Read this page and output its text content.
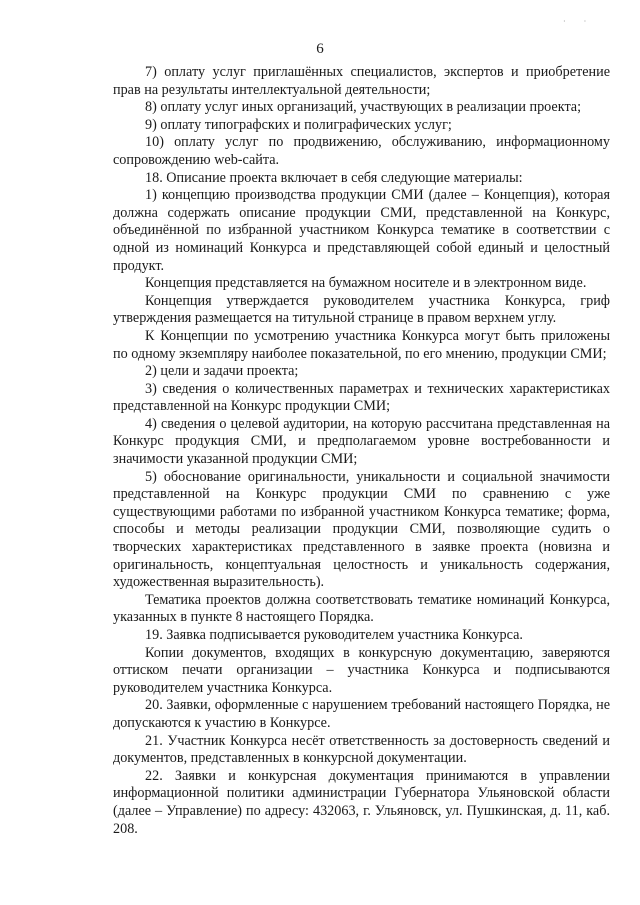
·         ·
6

7) оплату услуг приглашённых специалистов, экспертов и приобретение прав на результаты интеллектуальной деятельности;

8) оплату услуг иных организаций, участвующих в реализации проекта;

9) оплату типографских и полиграфических услуг;

10) оплату услуг по продвижению, обслуживанию, информационному сопровождению web-сайта.

18. Описание проекта включает в себя следующие материалы:

1) концепцию производства продукции СМИ (далее – Концепция), которая должна содержать описание продукции СМИ, представленной на Конкурс, объединённой по избранной участником Конкурса тематике в соответствии с одной из номинаций Конкурса и представляющей собой единый и целостный продукт.

Концепция представляется на бумажном носителе и в электронном виде.

Концепция утверждается руководителем участника Конкурса, гриф утверждения размещается на титульной странице в правом верхнем углу.

К Концепции по усмотрению участника Конкурса могут быть приложены по одному экземпляру наиболее показательной, по его мнению, продукции СМИ;

2) цели и задачи проекта;

3) сведения о количественных параметрах и технических характеристиках представленной на Конкурс продукции СМИ;

4) сведения о целевой аудитории, на которую рассчитана представленная на Конкурс продукция СМИ, и предполагаемом уровне востребованности и значимости указанной продукции СМИ;

5) обоснование оригинальности, уникальности и социальной значимости представленной на Конкурс продукции СМИ по сравнению с уже существующими работами по избранной участником Конкурса тематике; форма, способы и методы реализации продукции СМИ, позволяющие судить о творческих характеристиках представленного в заявке проекта (новизна и оригинальность, концептуальная целостность и уникальность содержания, художественная выразительность).

Тематика проектов должна соответствовать тематике номинаций Конкурса, указанных в пункте 8 настоящего Порядка.

19. Заявка подписывается руководителем участника Конкурса.

Копии документов, входящих в конкурсную документацию, заверяются оттиском печати организации – участника Конкурса и подписываются руководителем участника Конкурса.

20. Заявки, оформленные с нарушением требований настоящего Порядка, не допускаются к участию в Конкурсе.

21. Участник Конкурса несёт ответственность за достоверность сведений и документов, представленных в конкурсной документации.

22. Заявки и конкурсная документация принимаются в управлении информационной политики администрации Губернатора Ульяновской области (далее – Управление) по адресу: 432063, г. Ульяновск, ул. Пушкинская, д. 11, каб. 208.
